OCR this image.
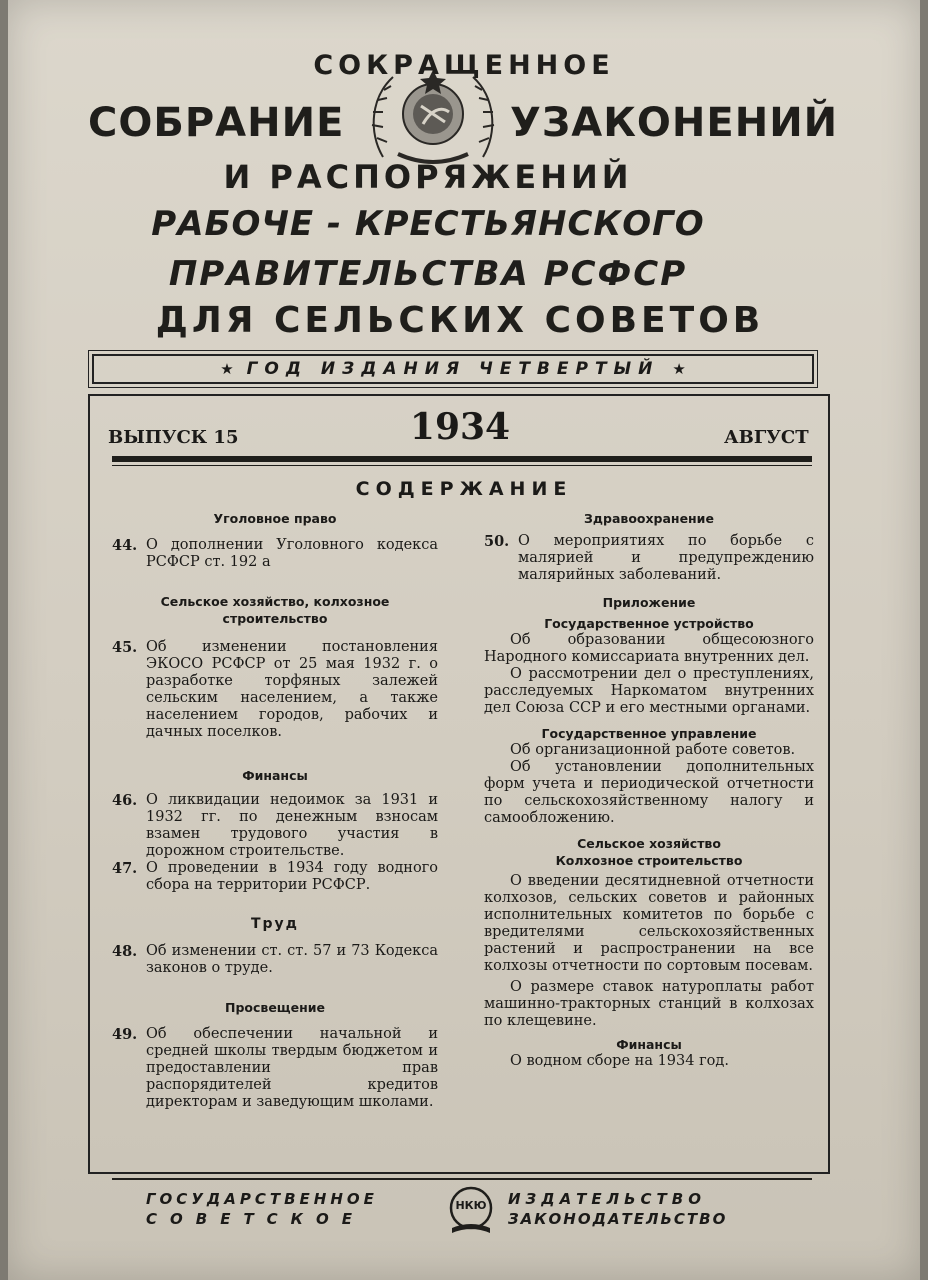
СОКРАЩЕННОЕ
СОБРАНИЕ	УЗАКОНЕНИЙ
И РАСПОРЯЖЕНИЙ
РАБОЧЕ - КРЕСТЬЯНСКОГО
ПРАВИТЕЛЬСТВА РСФСР
ДЛЯ СЕЛЬСКИХ СОВЕТОВ
★ ГОД ИЗДАНИЯ ЧЕТВЕРТЫЙ ★
ВЫПУСК 15	1934	АВГУСТ
СОДЕРЖАНИЕ

Уголовное право

44. О дополнении Уголовного кодекса РСФСР ст. 192 а

Сельское хозяйство, колхозное строительство

45. Об изменении постановления ЭКОСО РСФСР от 25 мая 1932 г. о разработке торфяных залежей сельским населением, а также населением городов, рабочих и дачных поселков.

Финансы

46. О ликвидации недоимок за 1931 и 1932 гг. по денежным взносам взамен трудового участия в дорожном строительстве.

47. О проведении в 1934 году водного сбора на территории РСФСР.

Труд

48. Об изменении ст. ст. 57 и 73 Кодекса законов о труде.

Просвещение

49. Об обеспечении начальной и средней школы твердым бюджетом и предоставлении прав распорядителей кредитов директорам и заведующим школами.

Здравоохранение

50. О мероприятиях по борьбе с малярией и предупреждению малярийных заболеваний.

Приложение

Государственное устройство

Об образовании общесоюзного Народного комиссариата внутренних дел.

О рассмотрении дел о преступлениях, расследуемых Наркоматом внутренних дел Союза ССР и его местными органами.

Государственное управление

Об организационной работе советов.

Об установлении дополнительных форм учета и периодической отчетности по сельскохозяйственному налогу и самообложению.

Сельское хозяйство

Колхозное строительство

О введении десятидневной отчетности колхозов, сельских советов и районных исполнительных комитетов по борьбе с вредителями сельскохозяйственных растений и распространении на все колхозы отчетности по сортовым посевам.

О размере ставок натуроплаты работ машинно-тракторных станций в колхозах по клещевине.

Финансы

О водном сборе на 1934 год.

ГОСУДАРСТВЕННОЕ
СОВЕТСКОЕ
НКЮ	ИЗДАТЕЛЬСТВО
ЗАКОНОДАТЕЛЬСТВО
